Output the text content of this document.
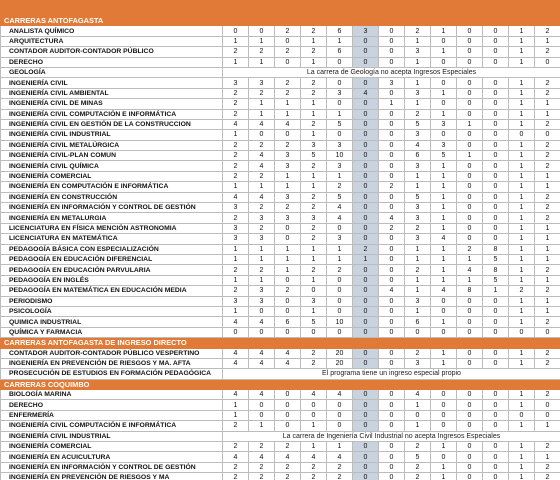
CARRERAS ANTOFAGASTA													
ANALISTA QUÍMICO	0	0	2	2	6	3	0	2	1	0	0	1	2
ARQUITECTURA	1	1	0	1	1	0	0	1	0	0	0	1	1
CONTADOR AUDITOR-CONTADOR PÚBLICO	2	2	2	2	6	0	0	3	1	0	0	1	2
DERECHO	1	1	0	1	0	0	0	1	0	0	0	1	0
GEOLOGÍA	La carrera de Geología no acepta Ingresos Especiales												
INGENIERÍA CIVIL	3	3	2	2	0	0	3	1	0	0	0	1	2
INGENIERÍA CIVIL AMBIENTAL	2	2	2	2	3	4	0	3	1	0	0	1	2
INGENIERÍA CIVIL DE MINAS	2	1	1	1	0	0	1	1	0	0	0	1	1
INGENIERÍA CIVIL COMPUTACIÓN E INFORMÁTICA	2	1	1	1	1	0	0	2	1	0	0	1	1
INGENIERÍA CIVIL EN GESTIÓN DE LA CONSTRUCCION	4	4	4	2	5	0	0	5	3	1	0	1	2
INGENIERÍA CIVIL INDUSTRIAL	1	0	0	1	0	0	0	3	0	0	0	0	0
INGENIERÍA CIVIL METALÚRGICA	2	2	2	3	3	0	0	4	3	0	0	1	2
INGENIERÍA CIVIL-PLAN COMUN	2	4	3	5	10	0	0	6	5	1	0	1	2
INGENIERÍA CIVIL QUÍMICA	2	4	3	2	3	0	0	3	1	0	0	1	2
INGENIERÍA COMERCIAL	2	2	1	1	1	0	0	1	1	0	0	1	1
INGENIERÍA EN COMPUTACIÓN E INFORMÁTICA	1	1	1	1	2	0	2	1	1	0	0	1	1
INGENIERÍA EN CONSTRUCCIÓN	4	4	3	2	5	0	0	5	1	0	0	1	2
INGENIERÍA EN INFORMACIÓN Y CONTROL DE GESTIÓN	3	2	2	2	4	0	0	3	1	0	0	1	2
INGENIERÍA EN METALURGIA	2	3	3	3	4	0	4	3	1	0	0	1	2
LICENCIATURA EN FÍSICA MENCIÓN ASTRONOMIA	3	2	0	2	0	0	2	2	1	0	0	1	1
LICENCIATURA EN MATEMÁTICA	3	3	0	2	3	0	0	3	4	0	0	1	1
PEDAGOGÍA BÁSICA CON ESPECIALIZACIÓN	1	1	1	1	1	2	0	1	1	2	8	1	1
PEDAGOGÍA EN EDUCACIÓN DIFERENCIAL	1	1	1	1	1	1	0	1	1	1	5	1	1
PEDAGOGÍA EN EDUCACIÓN PARVULARIA	2	2	1	2	2	0	0	2	1	4	8	1	2
PEDAGOGÍA EN INGLÉS	1	1	0	1	0	0	0	1	1	1	5	1	1
PEDAGOGÍA EN MATEMÁTICA EN EDUCACIÓN MEDIA	2	3	2	0	0	0	4	1	4	8	1	2	2
PERIODISMO	3	3	0	3	0	0	0	3	0	0	0	1	1
PSICOLOGÍA	1	0	0	1	0	0	0	1	0	0	0	1	1
QUIMICA INDUSTRIAL	4	4	6	5	10	0	0	6	1	0	0	1	2
QUÍMICA Y FARMACIA	0	0	0	0	0	0	0	0	0	0	0	0	0
CARRERAS ANTOFAGASTA DE INGRESO DIRECTO													
CONTADOR AUDITOR-CONTADOR PÚBLICO VESPERTINO	4	4	4	2	20	0	0	2	1	0	0	1	2
INGENIERÍA EN PREVENCIÓN DE RIESGOS Y MA. AFTA	4	4	4	2	20	0	0	3	1	0	0	1	2
PROSECUCIÓN DE ESTUDIOS EN FORMACIÓN PEDAGÓGICA	El programa tiene un ingreso especial propio												
CARRERAS COQUIMBO													
BIOLOGÍA MARINA	4	4	0	4	4	0	0	4	0	0	0	1	2
DERECHO	1	0	0	0	0	0	0	1	0	0	0	1	0
ENFERMERÍA	1	0	0	0	0	0	0	0	0	0	0	0	0
INGENIERÍA CIVIL COMPUTACIÓN E INFORMÁTICA	2	1	0	1	0	0	0	1	0	0	0	1	1
INGENIERÍA CIVIL INDUSTRIAL	La carrera de Ingeniería Civil Industrial no acepta Ingresos Especiales												
INGENIERÍA COMERCIAL	2	2	2	1	1	0	0	2	1	0	0	1	2
INGENIERÍA EN ACUICULTURA	4	4	4	4	4	0	0	5	0	0	0	1	1
INGENIERÍA EN INFORMACIÓN Y CONTROL DE GESTIÓN	2	2	2	2	2	0	0	2	1	0	0	1	2
INGENIERÍA EN PREVENCIÓN DE RIESGOS Y MA	2	2	2	2	2	0	0	2	1	0	0	1	2
